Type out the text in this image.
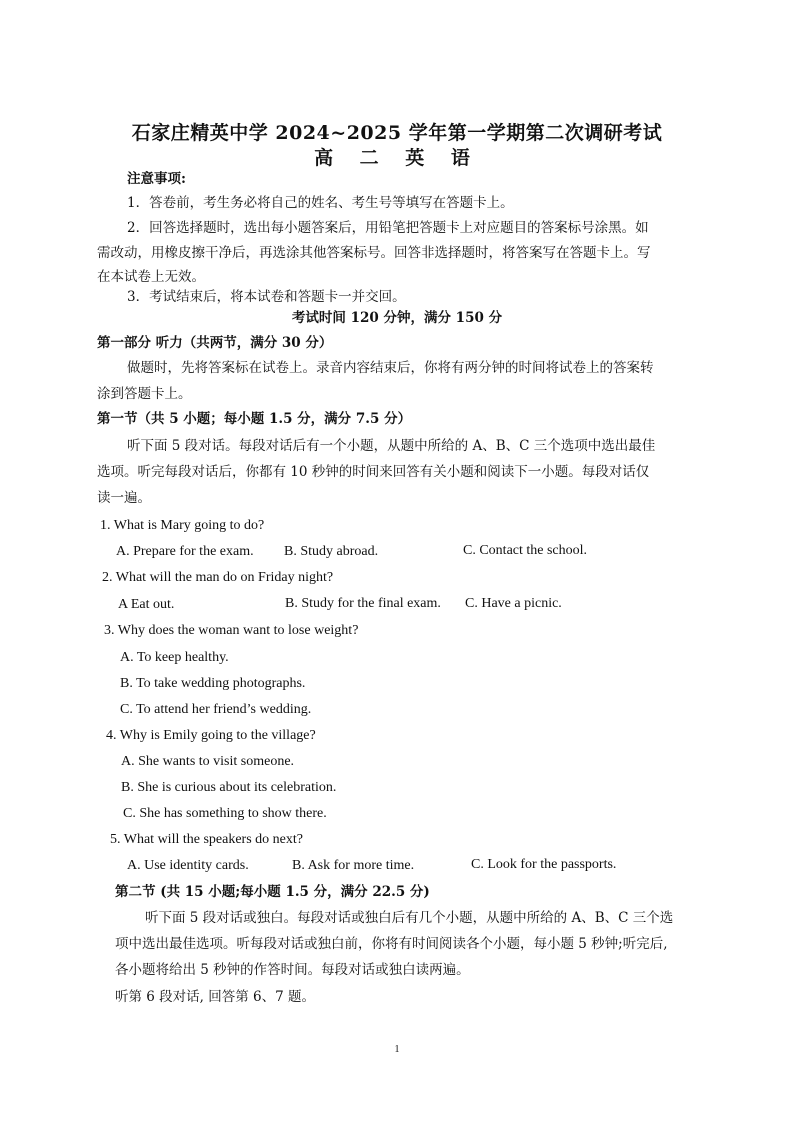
石家庄精英中学 2024~2025 学年第一学期第二次调研考试
高 二 英 语
注意事项:
1．答卷前，考生务必将自己的姓名、考生号等填写在答题卡上。
2．回答选择题时，选出每小题答案后，用铅笔把答题卡上对应题目的答案标号涂黑。如
需改动，用橡皮擦干净后，再选涂其他答案标号。回答非选择题时，将答案写在答题卡上。写
在本试卷上无效。
3．考试结束后，将本试卷和答题卡一并交回。
考试时间 120 分钟，满分 150 分
第一部分 听力（共两节，满分 30 分）
做题时，先将答案标在试卷上。录音内容结束后，你将有两分钟的时间将试卷上的答案转
涂到答题卡上。
第一节（共 5 小题；每小题 1.5 分，满分 7.5 分）
听下面 5 段对话。每段对话后有一个小题，从题中所给的 A、B、C 三个选项中选出最佳
选项。听完每段对话后，你都有 10 秒钟的时间来回答有关小题和阅读下一小题。每段对话仅
读一遍。
1. What is Mary going to do?
A. Prepare for the exam. B. Study abroad.	C. Contact the school.
2. What will the man do on Friday night?
A Eat out.	B. Study for the final exam. C. Have a picnic.
3. Why does the woman want to lose weight?
A. To keep healthy.
B. To take wedding photographs.
C. To attend her friend’s wedding.
4. Why is Emily going to the village?
A. She wants to visit someone.
B. She is curious about its celebration.
C. She has something to show there.
5. What will the speakers do next?
A. Use identity cards.	B. Ask for more time.	C. Look for the passports.
第二节 (共 15 小题;每小题 1.5 分，满分 22.5 分)
听下面 5 段对话或独白。每段对话或独白后有几个小题，从题中所给的 A、B、C 三个选
项中选出最佳选项。听每段对话或独白前，你将有时间阅读各个小题，每小题 5 秒钟;听完后,
各小题将给出 5 秒钟的作答时间。每段对话或独白读两遍。
听第 6 段对话, 回答第 6、7 题。
1
